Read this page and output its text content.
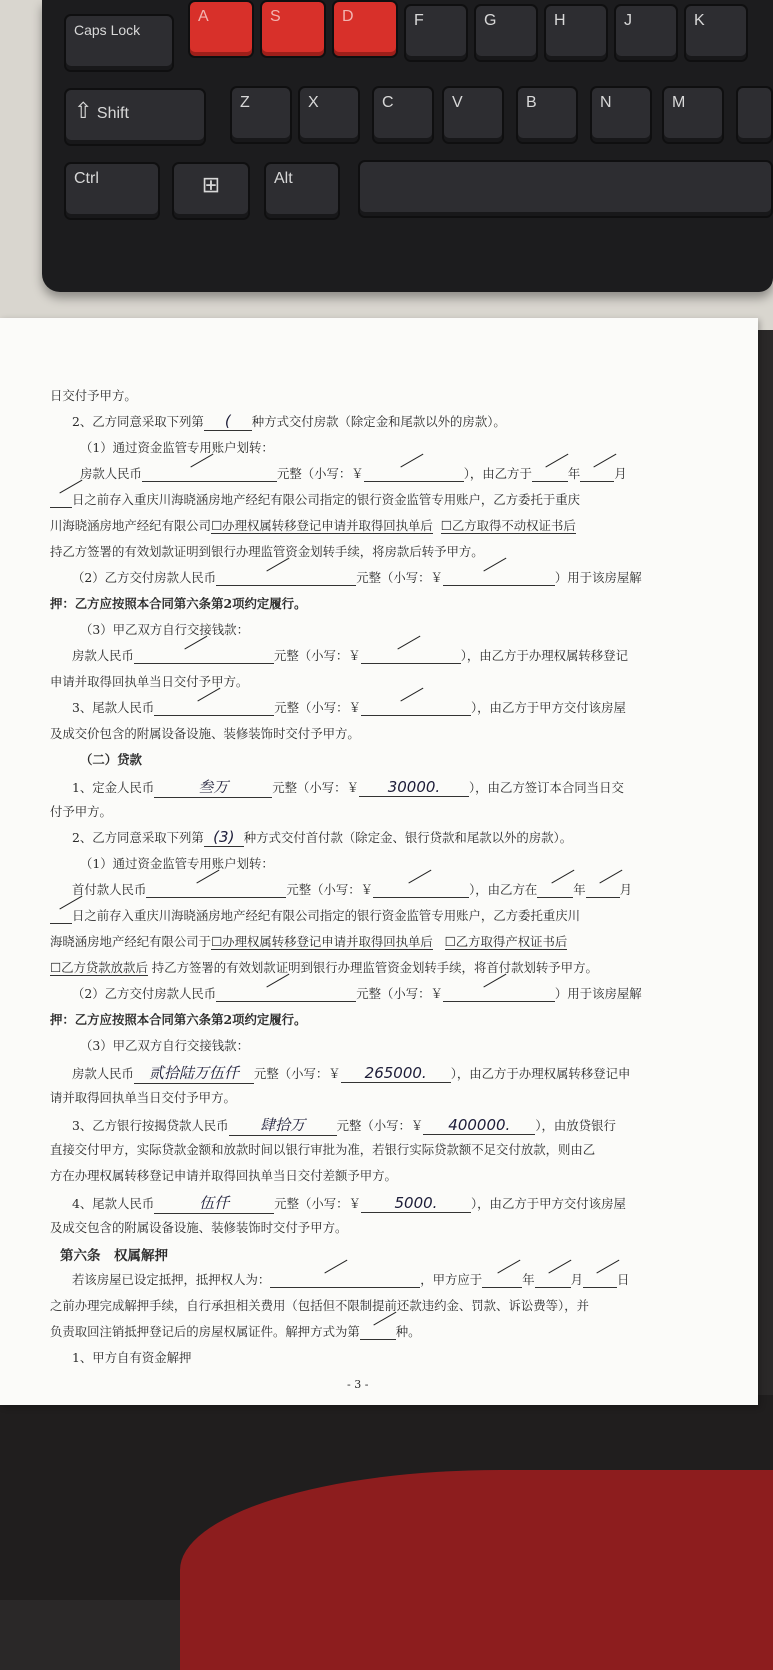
Caps Lock
A	S	D	F	G	H	J	K
⇧ Shift
Z	X	C	V	B	N	M
Ctrl	⊞	Alt
日交付予甲方。
2、乙方同意采取下列第 ( 种方式交付房款（除定金和尾款以外的房款）。
（1）通过资金监管专用账户划转：
房款人民币	元整（小写：￥	），由乙方于	年	月
日之前存入重庆川海晓涵房地产经纪有限公司指定的银行资金监管专用账户，乙方委托于重庆
川海晓涵房地产经纪有限公司☐办理权属转移登记申请并取得回执单后 ☐乙方取得不动权证书后
持乙方签署的有效划款证明到银行办理监管资金划转手续，将房款后转予甲方。
（2）乙方交付房款人民币	元整（小写：￥	）用于该房屋解
押：乙方应按照本合同第六条第2项约定履行。
（3）甲乙双方自行交接钱款：
房款人民币	元整（小写：￥	），由乙方于办理权属转移登记
申请并取得回执单当日交付予甲方。
3、尾款人民币	元整（小写：￥	），由乙方于甲方交付该房屋
及成交价包含的附属设备设施、装修装饰时交付予甲方。
（二）贷款
1、定金人民币	叁万	元整（小写：￥ 30000. ），由乙方签订本合同当日交
付予甲方。
2、乙方同意采取下列第 (3) 种方式交付首付款（除定金、银行贷款和尾款以外的房款）。
（1）通过资金监管专用账户划转：
首付款人民币	元整（小写：￥	），由乙方在	年	月
日之前存入重庆川海晓涵房地产经纪有限公司指定的银行资金监管专用账户，乙方委托重庆川
海晓涵房地产经纪有限公司于☐办理权属转移登记申请并取得回执单后 ☐乙方取得产权证书后
☐乙方贷款放款后 持乙方签署的有效划款证明到银行办理监管资金划转手续，将首付款划转予甲方。
（2）乙方交付房款人民币	元整（小写：￥	）用于该房屋解
押：乙方应按照本合同第六条第2项约定履行。
（3）甲乙双方自行交接钱款：
房款人民币 贰拾陆万伍仟 元整（小写：￥ 265000. ），由乙方于办理权属转移登记申
请并取得回执单当日交付予甲方。
3、乙方银行按揭贷款人民币 肆拾万	元整（小写：￥ 400000. ），由放贷银行
直接交付甲方，实际贷款金额和放款时间以银行审批为准，若银行实际贷款额不足交付放款，则由乙
方在办理权属转移登记申请并取得回执单当日交付差额予甲方。
4、尾款人民币	伍仟	元整（小写：￥ 5000.	），由乙方于甲方交付该房屋
及成交包含的附属设备设施、装修装饰时交付予甲方。
第六条　权属解押
若该房屋已设定抵押，抵押权人为：	，甲方应于	年	月	日
之前办理完成解押手续，自行承担相关费用（包括但不限制提前还款违约金、罚款、诉讼费等），并
负责取回注销抵押登记后的房屋权属证件。解押方式为第	种。
1、甲方自有资金解押
- 3 -
